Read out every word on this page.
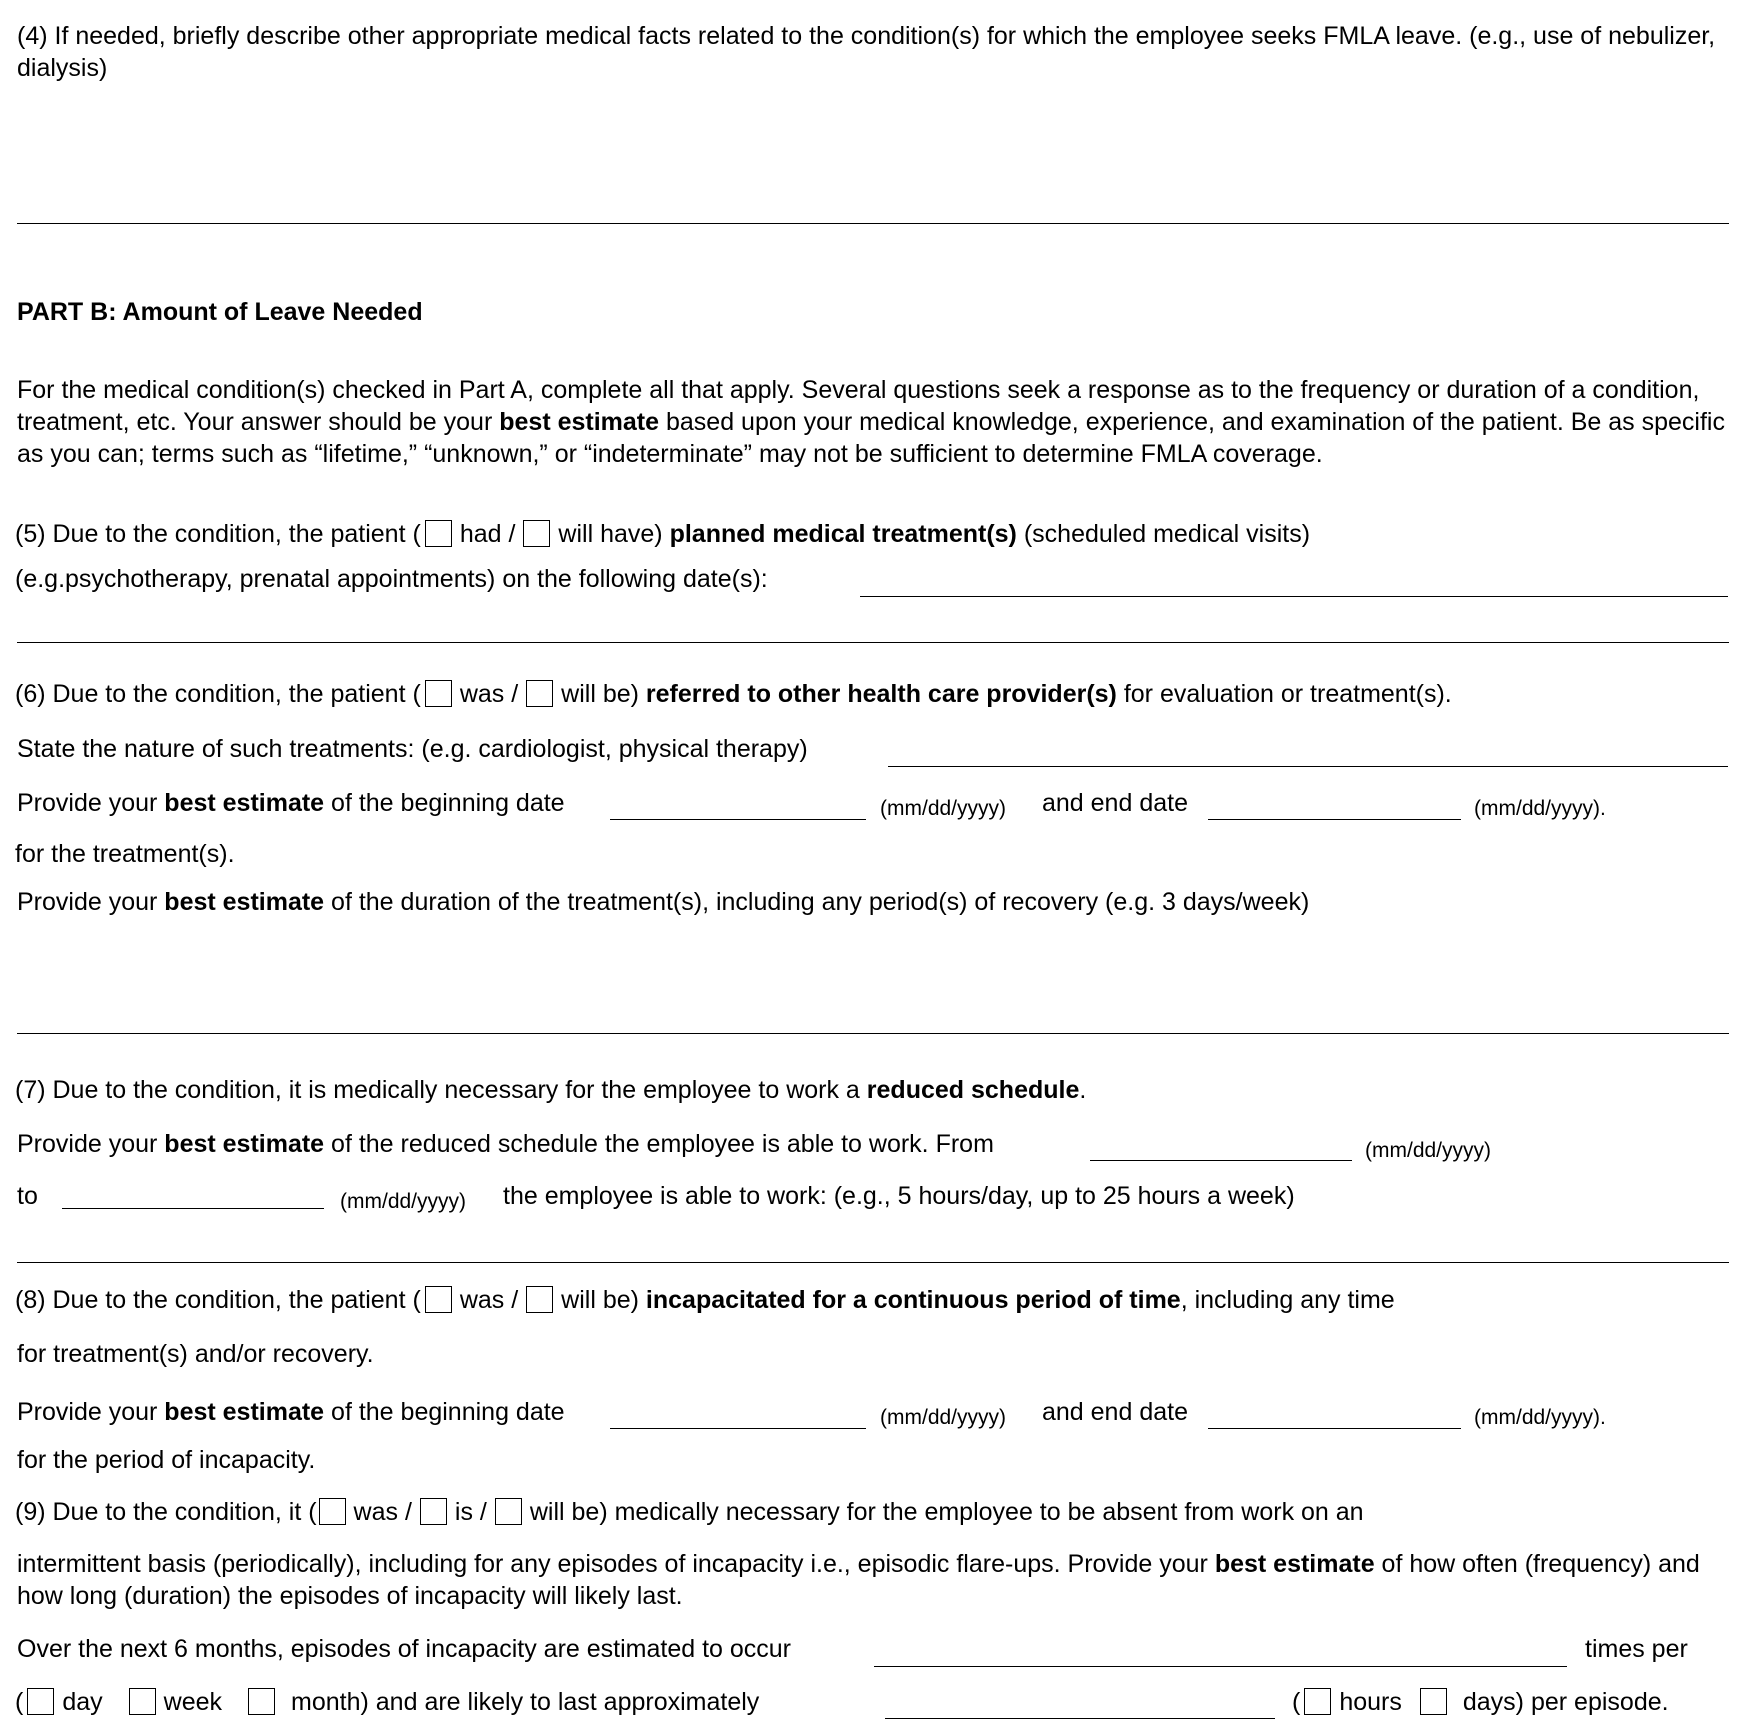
(4) If needed, briefly describe other appropriate medical facts related to the condition(s) for which the employee seeks FMLA leave. (e.g., use of nebulizer, dialysis)
PART B: Amount of Leave Needed
For the medical condition(s) checked in Part A, complete all that apply. Several questions seek a response as to the frequency or duration of a condition, treatment, etc. Your answer should be your best estimate based upon your medical knowledge, experience, and examination of the patient. Be as specific as you can; terms such as “lifetime,” “unknown,” or “indeterminate” may not be sufficient to determine FMLA coverage.
(5) Due to the condition, the patient ( had / will have) planned medical treatment(s) (scheduled medical visits)
(e.g.psychotherapy, prenatal appointments) on the following date(s):
(6) Due to the condition, the patient ( was / will be) referred to other health care provider(s) for evaluation or treatment(s).
State the nature of such treatments: (e.g. cardiologist, physical therapy)
Provide your best estimate of the beginning date	(mm/dd/yyyy) and end date	(mm/dd/yyyy).
for the treatment(s).
Provide your best estimate of the duration of the treatment(s), including any period(s) of recovery (e.g. 3 days/week)
(7) Due to the condition, it is medically necessary for the employee to work a reduced schedule.
Provide your best estimate of the reduced schedule the employee is able to work. From	(mm/dd/yyyy)
to	(mm/dd/yyyy) the employee is able to work: (e.g., 5 hours/day, up to 25 hours a week)
(8) Due to the condition, the patient ( was / will be) incapacitated for a continuous period of time, including any time
for treatment(s) and/or recovery.
Provide your best estimate of the beginning date	(mm/dd/yyyy) and end date	(mm/dd/yyyy).
for the period of incapacity.
(9) Due to the condition, it ( was / is / will be) medically necessary for the employee to be absent from work on an
intermittent basis (periodically), including for any episodes of incapacity i.e., episodic flare-ups. Provide your best estimate of how often (frequency) and how long (duration) the episodes of incapacity will likely last.
Over the next 6 months, episodes of incapacity are estimated to occur	times per
( day week	month) and are likely to last approximately	( hours days) per episode.
